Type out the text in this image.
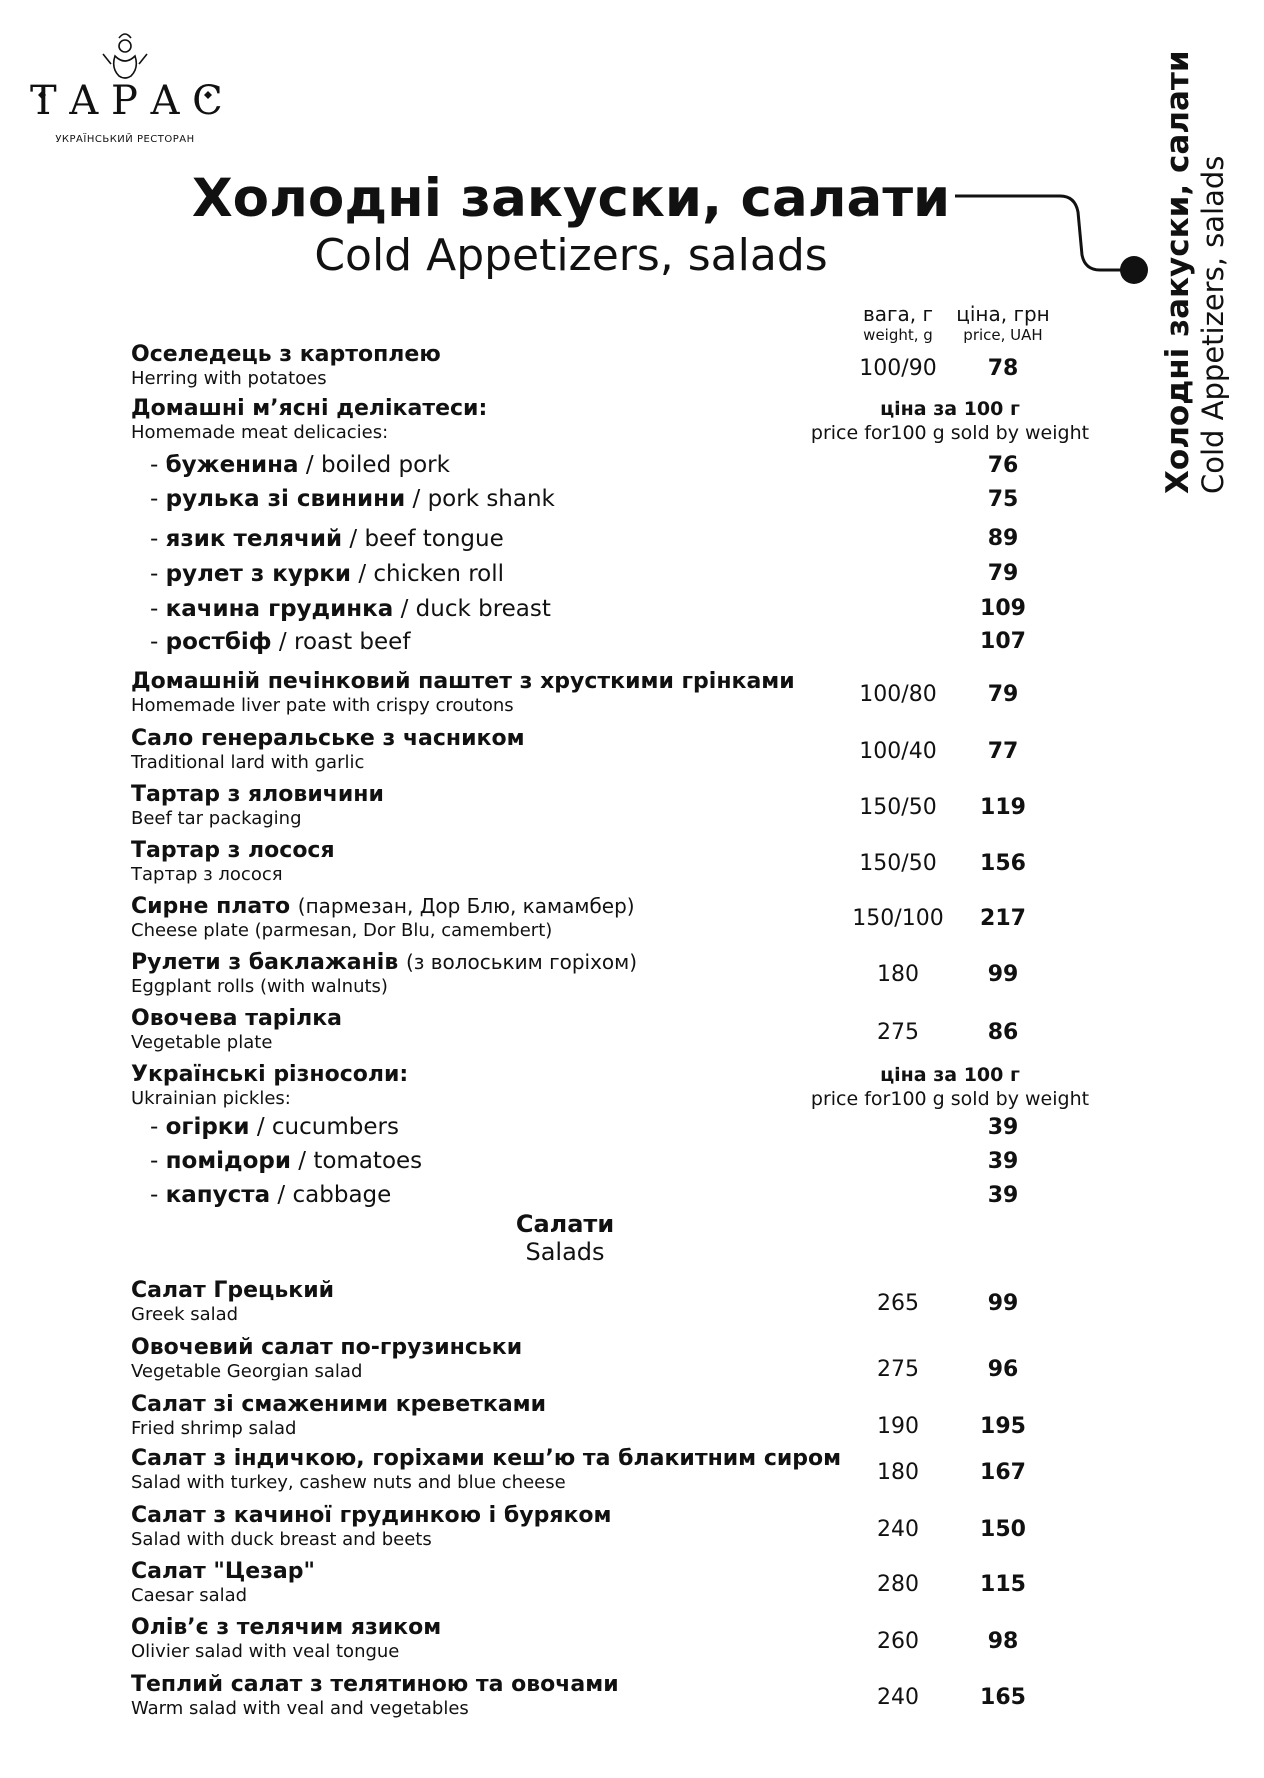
ТАРАС
УКРАЇНСЬКИЙ РЕСТОРАН
Холодні закуски, салати
Cold Appetizers, salads	Холодні закуски, салати Cold Appetizers, salads
вага, г
weight, g
ціна, грн
price, UAH
Оселедець з картоплею
Herring with potatoes	100/90	78
Домашні м’ясні делікатеси:
Homemade meat delicacies:
ціна за 100 г
price for100 g sold by weight
- буженина / boiled pork	76
- рулька зі свинини / pork shank	75
- язик телячий / beef tongue	89
- рулет з курки / chicken roll	79
- качина грудинка / duck breast	109
- ростбіф / roast beef	107
Домашній печінковий паштет з хрусткими грінками
Homemade liver pate with crispy croutons	100/80	79
Сало генеральське з часником
Traditional lard with garlic	100/40	77
Тартар з яловичини
Beef tar packaging	150/50	119
Тартар з лосося
Тартар з лосося	150/50	156
Сирне плато (пармезан, Дор Блю, камамбер)
Cheese plate (parmesan, Dor Blu, camembert)	150/100	217
Рулети з баклажанів (з волоським горіхом)
Eggplant rolls (with walnuts)	180	99
Овочева тарілка
Vegetable plate	275	86
Українські різносоли:
Ukrainian pickles:
ціна за 100 г
price for100 g sold by weight
- огірки / cucumbers	39
- помідори / tomatoes	39
- капуста / cabbage	39
Салати
Salads
Салат Грецький
Greek salad	265	99
Овочевий салат по-грузинськи
Vegetable Georgian salad	275	96
Салат зі смаженими креветками
Fried shrimp salad	190	195
Салат з індичкою, горіхами кеш’ю та блакитним сиром
Salad with turkey, cashew nuts and blue cheese	180	167
Салат з качиної грудинкою і буряком
Salad with duck breast and beets	240	150
Салат "Цезар"
Caesar salad	280	115
Олів’є з телячим язиком
Olivier salad with veal tongue	260	98
Теплий салат з телятиною та овочами
Warm salad with veal and vegetables	240	165
